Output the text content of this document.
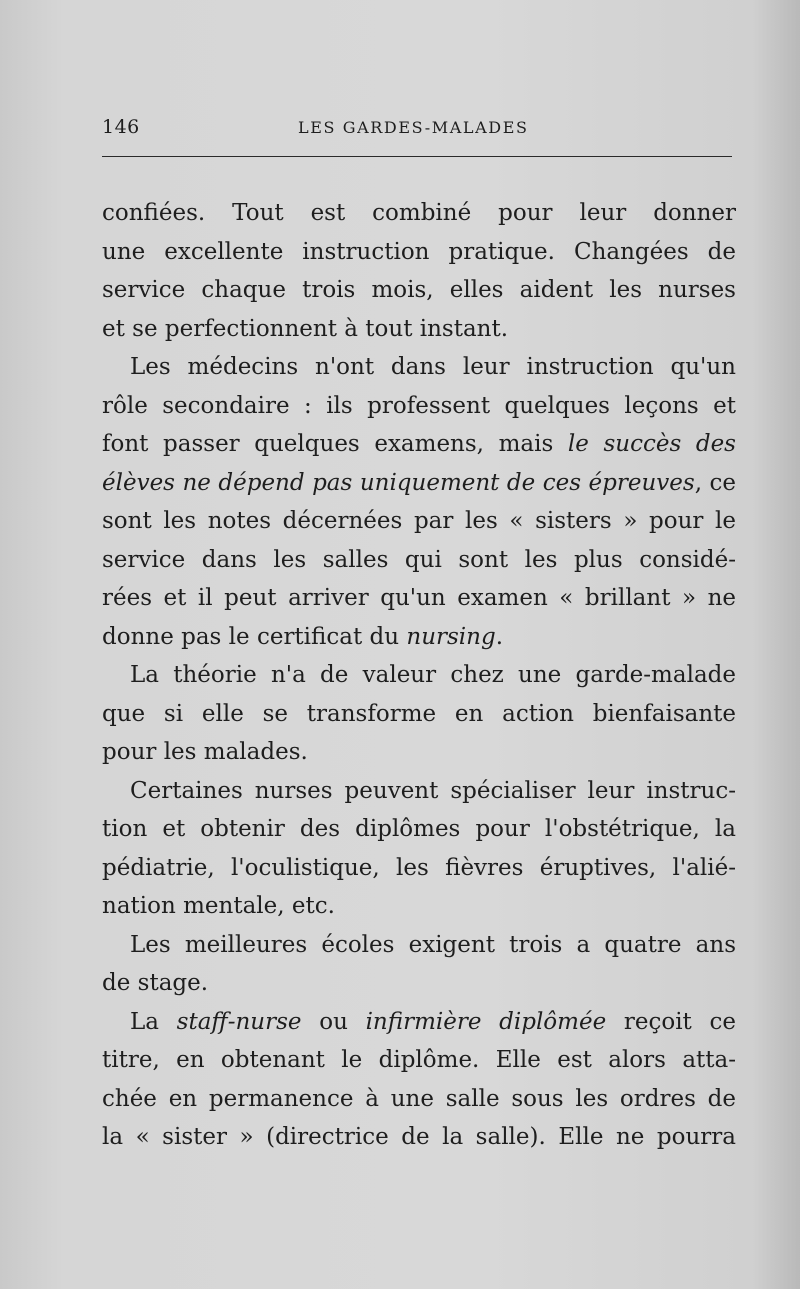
146	LES GARDES-MALADES
confiées. Tout est combiné pour leur donner
une excellente instruction pratique. Changées de
service chaque trois mois, elles aident les nurses
et se perfectionnent à tout instant.
Les médecins n'ont dans leur instruction qu'un
rôle secondaire : ils professent quelques leçons et
font passer quelques examens, mais le succès des
élèves ne dépend pas uniquement de ces épreuves, ce
sont les notes décernées par les « sisters » pour le
service dans les salles qui sont les plus considé-
rées et il peut arriver qu'un examen « brillant » ne
donne pas le certificat du nursing.
La théorie n'a de valeur chez une garde-malade
que si elle se transforme en action bienfaisante
pour les malades.
Certaines nurses peuvent spécialiser leur instruc-
tion et obtenir des diplômes pour l'obstétrique, la
pédiatrie, l'oculistique, les fièvres éruptives, l'alié-
nation mentale, etc.
Les meilleures écoles exigent trois a quatre ans
de stage.
La staff-nurse ou infirmière diplômée reçoit ce
titre, en obtenant le diplôme. Elle est alors atta-
chée en permanence à une salle sous les ordres de
la « sister » (directrice de la salle). Elle ne pourra
